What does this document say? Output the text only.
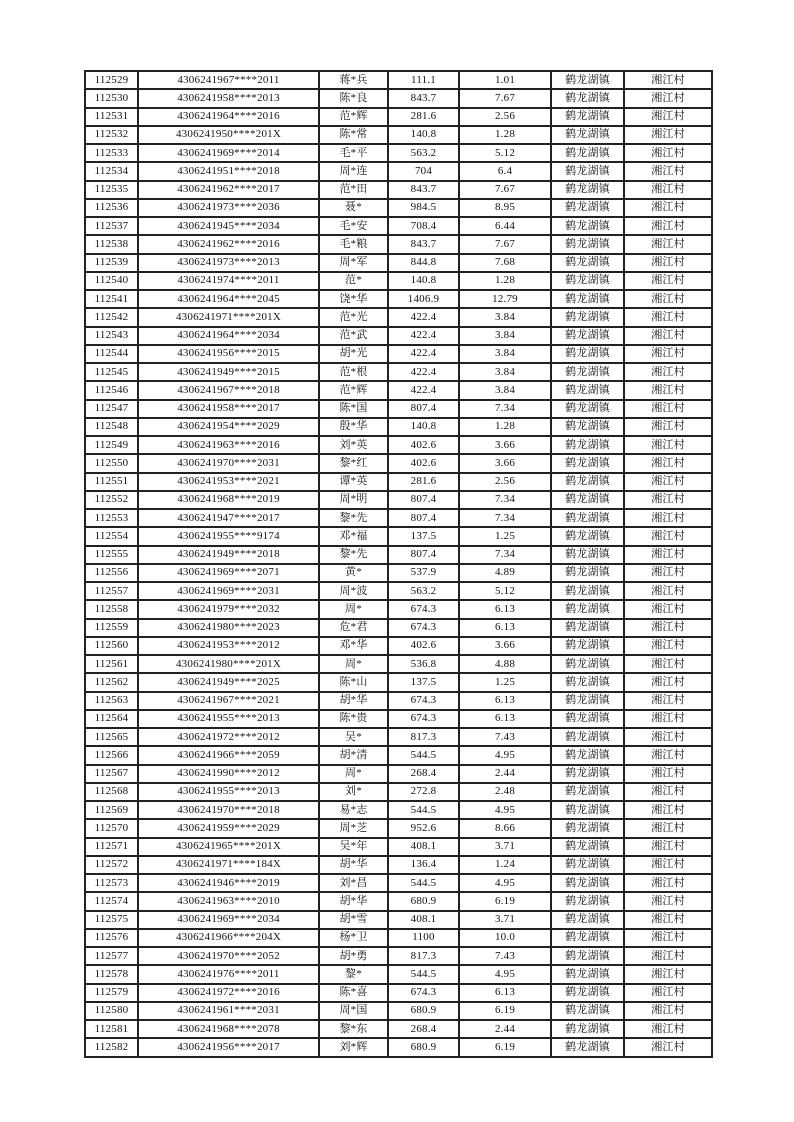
112529	4306241967****2011	蒋*兵	111.1	1.01	鹤龙湖镇	湘江村
112530	4306241958****2013	陈*良	843.7	7.67	鹤龙湖镇	湘江村
112531	4306241964****2016	范*辉	281.6	2.56	鹤龙湖镇	湘江村
112532	4306241950****201X	陈*常	140.8	1.28	鹤龙湖镇	湘江村
112533	4306241969****2014	毛*平	563.2	5.12	鹤龙湖镇	湘江村
112534	4306241951****2018	周*连	704	6.4	鹤龙湖镇	湘江村
112535	4306241962****2017	范*田	843.7	7.67	鹤龙湖镇	湘江村
112536	4306241973****2036	聂*	984.5	8.95	鹤龙湖镇	湘江村
112537	4306241945****2034	毛*安	708.4	6.44	鹤龙湖镇	湘江村
112538	4306241962****2016	毛*粮	843.7	7.67	鹤龙湖镇	湘江村
112539	4306241973****2013	周*军	844.8	7.68	鹤龙湖镇	湘江村
112540	4306241974****2011	范*	140.8	1.28	鹤龙湖镇	湘江村
112541	4306241964****2045	饶*华	1406.9	12.79	鹤龙湖镇	湘江村
112542	4306241971****201X	范*光	422.4	3.84	鹤龙湖镇	湘江村
112543	4306241964****2034	范*武	422.4	3.84	鹤龙湖镇	湘江村
112544	4306241956****2015	胡*光	422.4	3.84	鹤龙湖镇	湘江村
112545	4306241949****2015	范*根	422.4	3.84	鹤龙湖镇	湘江村
112546	4306241967****2018	范*辉	422.4	3.84	鹤龙湖镇	湘江村
112547	4306241958****2017	陈*国	807.4	7.34	鹤龙湖镇	湘江村
112548	4306241954****2029	殷*华	140.8	1.28	鹤龙湖镇	湘江村
112549	4306241963****2016	刘*英	402.6	3.66	鹤龙湖镇	湘江村
112550	4306241970****2031	黎*红	402.6	3.66	鹤龙湖镇	湘江村
112551	4306241953****2021	谭*英	281.6	2.56	鹤龙湖镇	湘江村
112552	4306241968****2019	周*明	807.4	7.34	鹤龙湖镇	湘江村
112553	4306241947****2017	黎*先	807.4	7.34	鹤龙湖镇	湘江村
112554	4306241955****9174	邓*福	137.5	1.25	鹤龙湖镇	湘江村
112555	4306241949****2018	黎*先	807.4	7.34	鹤龙湖镇	湘江村
112556	4306241969****2071	黄*	537.9	4.89	鹤龙湖镇	湘江村
112557	4306241969****2031	周*波	563.2	5.12	鹤龙湖镇	湘江村
112558	4306241979****2032	周*	674.3	6.13	鹤龙湖镇	湘江村
112559	4306241980****2023	危*君	674.3	6.13	鹤龙湖镇	湘江村
112560	4306241953****2012	邓*华	402.6	3.66	鹤龙湖镇	湘江村
112561	4306241980****201X	周*	536.8	4.88	鹤龙湖镇	湘江村
112562	4306241949****2025	陈*山	137.5	1.25	鹤龙湖镇	湘江村
112563	4306241967****2021	胡*华	674.3	6.13	鹤龙湖镇	湘江村
112564	4306241955****2013	陈*贵	674.3	6.13	鹤龙湖镇	湘江村
112565	4306241972****2012	吴*	817.3	7.43	鹤龙湖镇	湘江村
112566	4306241966****2059	胡*清	544.5	4.95	鹤龙湖镇	湘江村
112567	4306241990****2012	周*	268.4	2.44	鹤龙湖镇	湘江村
112568	4306241955****2013	刘*	272.8	2.48	鹤龙湖镇	湘江村
112569	4306241970****2018	易*志	544.5	4.95	鹤龙湖镇	湘江村
112570	4306241959****2029	周*芝	952.6	8.66	鹤龙湖镇	湘江村
112571	4306241965****201X	吴*年	408.1	3.71	鹤龙湖镇	湘江村
112572	4306241971****184X	胡*华	136.4	1.24	鹤龙湖镇	湘江村
112573	4306241946****2019	刘*昌	544.5	4.95	鹤龙湖镇	湘江村
112574	4306241963****2010	胡*华	680.9	6.19	鹤龙湖镇	湘江村
112575	4306241969****2034	胡*雪	408.1	3.71	鹤龙湖镇	湘江村
112576	4306241966****204X	杨*卫	1100	10.0	鹤龙湖镇	湘江村
112577	4306241970****2052	胡*勇	817.3	7.43	鹤龙湖镇	湘江村
112578	4306241976****2011	黎*	544.5	4.95	鹤龙湖镇	湘江村
112579	4306241972****2016	陈*喜	674.3	6.13	鹤龙湖镇	湘江村
112580	4306241961****2031	周*国	680.9	6.19	鹤龙湖镇	湘江村
112581	4306241968****2078	黎*东	268.4	2.44	鹤龙湖镇	湘江村
112582	4306241956****2017	刘*辉	680.9	6.19	鹤龙湖镇	湘江村
